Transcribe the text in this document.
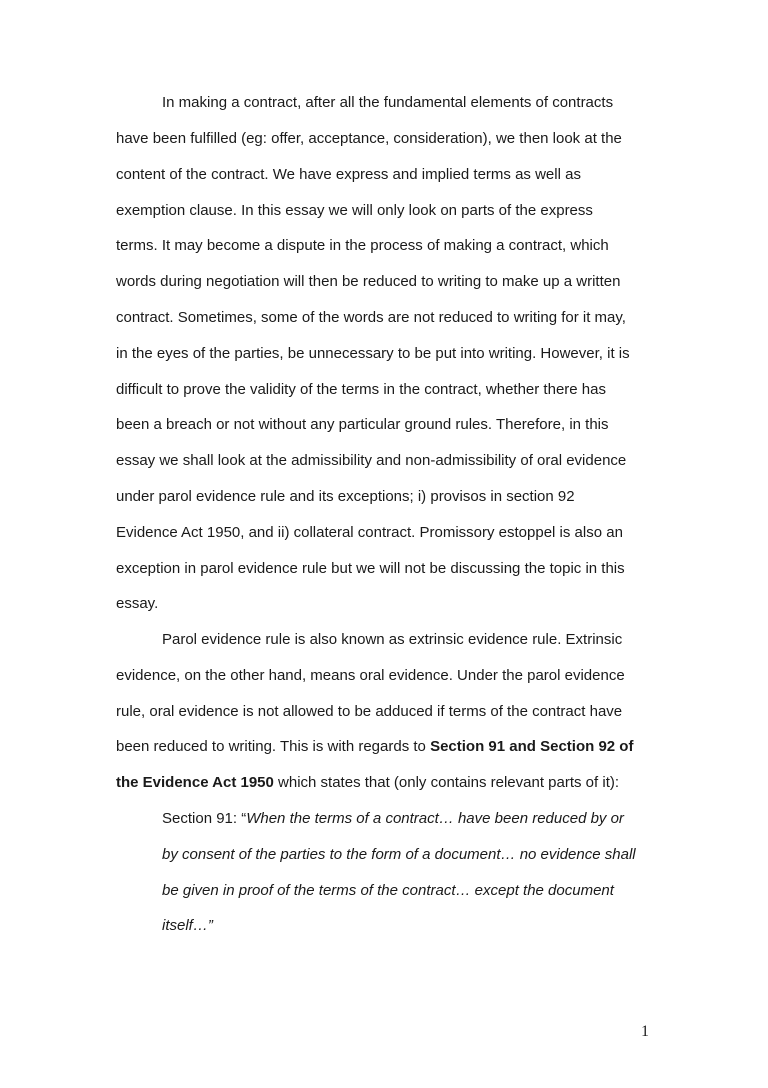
In making a contract, after all the fundamental elements of contracts
have been fulfilled (eg: offer, acceptance, consideration), we then look at the
content of the contract. We have express and implied terms as well as
exemption clause. In this essay we will only look on parts of the express
terms. It may become a dispute in the process of making a contract, which
words during negotiation will then be reduced to writing to make up a written
contract. Sometimes, some of the words are not reduced to writing for it may,
in the eyes of the parties, be unnecessary to be put into writing. However, it is
difficult to prove the validity of the terms in the contract, whether there has
been a breach or not without any particular ground rules. Therefore, in this
essay we shall look at the admissibility and non-admissibility of oral evidence
under parol evidence rule and its exceptions; i) provisos in section 92
Evidence Act 1950, and ii) collateral contract. Promissory estoppel is also an
exception in parol evidence rule but we will not be discussing the topic in this
essay.
Parol evidence rule is also known as extrinsic evidence rule. Extrinsic
evidence, on the other hand, means oral evidence. Under the parol evidence
rule, oral evidence is not allowed to be adduced if terms of the contract have
been reduced to writing. This is with regards to Section 91 and Section 92 of
the Evidence Act 1950 which states that (only contains relevant parts of it):
Section 91: “When the terms of a contract… have been reduced by or
by consent of the parties to the form of a document… no evidence shall
be given in proof of the terms of the contract… except the document
itself…”
1
